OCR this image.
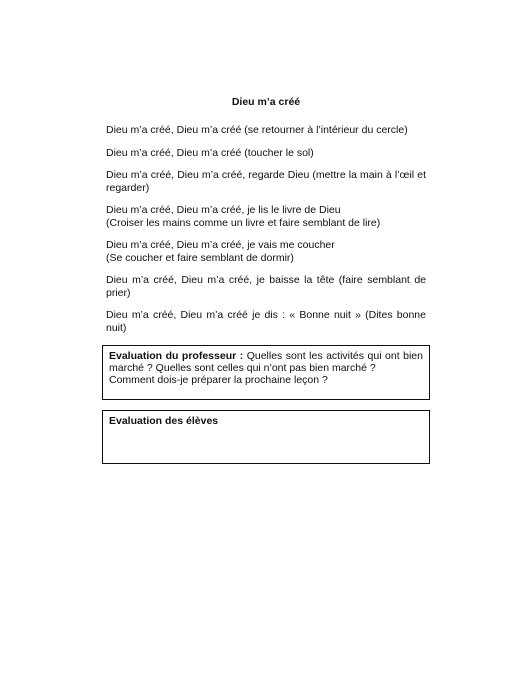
Dieu m’a créé

Dieu m’a créé, Dieu m’a créé (se retourner à l’intérieur du cercle)

Dieu m’a créé, Dieu m’a créé (toucher le sol)

Dieu m’a créé, Dieu m’a créé, regarde Dieu (mettre la main à l’œil et
regarder)

Dieu m’a créé, Dieu m’a créé, je lis le livre de Dieu
(Croiser les mains comme un livre et faire semblant de lire)

Dieu m’a créé, Dieu m’a créé, je vais me coucher
(Se coucher et faire semblant de dormir)

Dieu m’a créé, Dieu m’a créé, je baisse la tête (faire semblant de prier)

Dieu m’a créé, Dieu m’a créé je dis : « Bonne nuit » (Dites bonne nuit)

Evaluation du professeur : Quelles sont les activités qui ont bien marché ? Quelles sont celles qui n’ont pas bien marché ?
Comment dois-je préparer la prochaine leçon ?
Evaluation des élèves
